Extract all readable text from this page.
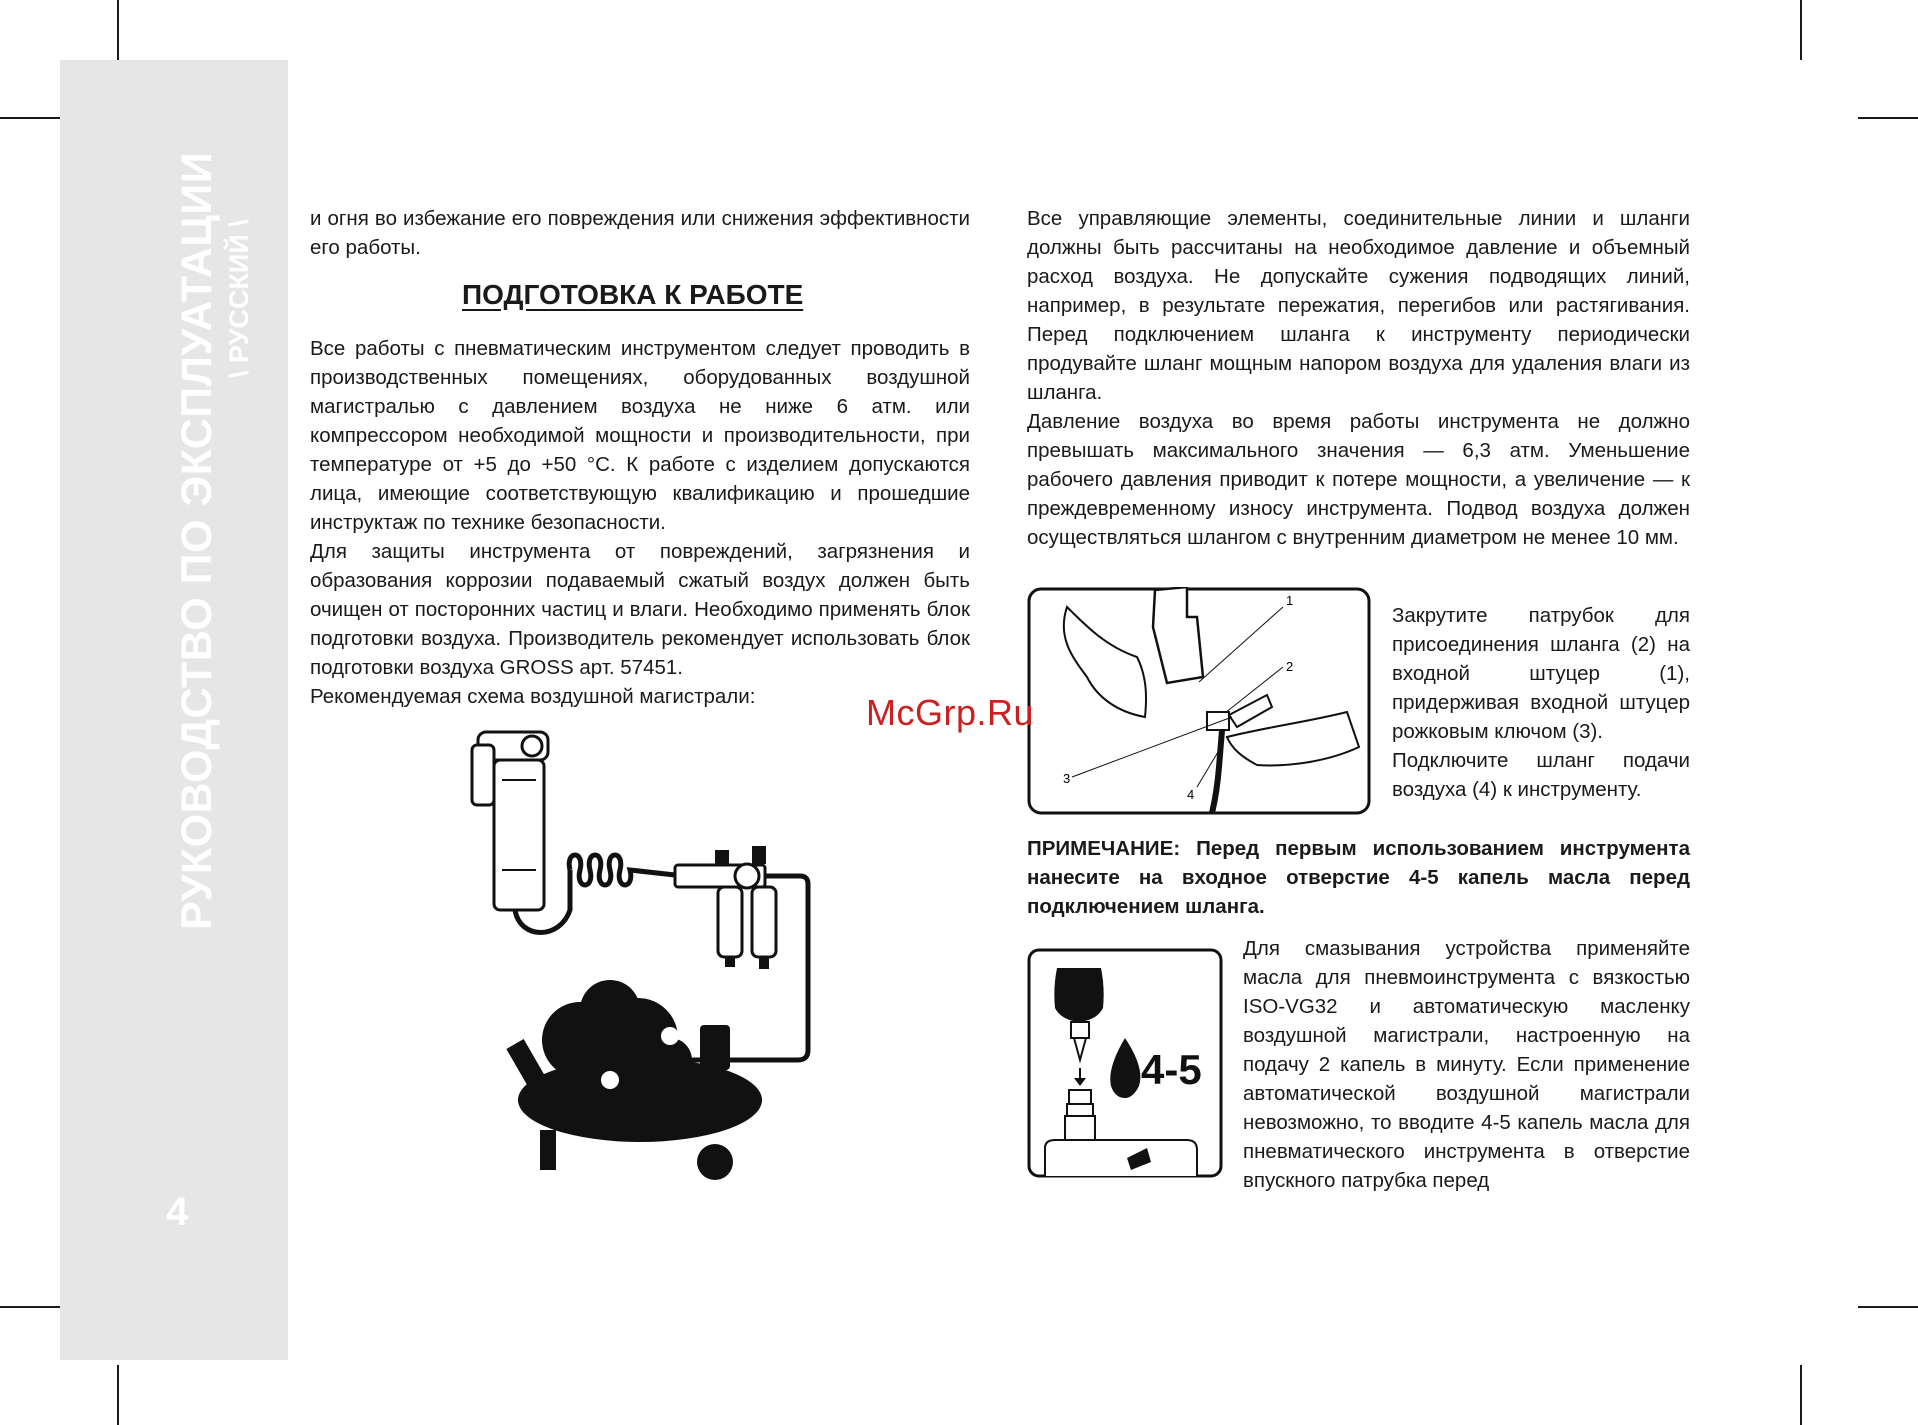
РУКОВОДСТВО ПО ЭКСПЛУАТАЦИИ \ РУССКИЙ \
4

и огня во избежание его повреждения или снижения эффективности его работы.

ПОДГОТОВКА К РАБОТЕ

Все работы с пневматическим инструментом следует проводить в производственных помещениях, оборудованных воздушной магистралью с давлением воздуха не ниже 6 атм. или компрессором необходимой мощности и производительности, при температуре от +5 до +50 °С. К работе с изделием допускаются лица, имеющие соответствующую квалификацию и прошедшие инструктаж по технике безопасности.

Для защиты инструмента от повреждений, загрязнения и образования коррозии подаваемый сжатый воздух должен быть очищен от посторонних частиц и влаги. Необходимо применять блок подготовки воздуха. Производитель рекомендует использовать блок подготовки воздуха GROSS арт. 57451.

Рекомендуемая схема воздушной магистрали:

Все управляющие элементы, соединительные линии и шланги должны быть рассчитаны на необходимое давление и объемный расход воздуха. Не допускайте сужения подводящих линий, например, в результате пережатия, перегибов или растягивания. Перед подключением шланга к инструменту периодически продувайте шланг мощным напором воздуха для удаления влаги из шланга.

Давление воздуха во время работы инструмента не должно превышать максимального значения — 6,3 атм. Уменьшение рабочего давления приводит к потере мощности, а увеличение — к преждевременному износу инструмента. Подвод воздуха должен осуществляться шлангом с внутренним диаметром не менее 10 мм.

1
2
3
4

Закрутите патрубок для присоединения шланга (2) на входной штуцер (1), придерживая входной штуцер рожковым ключом (3).

Подключите шланг подачи воздуха (4) к инструменту.

McGrp.Ru

ПРИМЕЧАНИЕ: Перед первым использованием инструмента нанесите на входное отверстие 4-5 капель масла перед подключением шланга.

4-5

Для смазывания устройства применяйте масла для пневмоинструмента с вязкостью ISO-VG32 и автоматическую масленку воздушной магистрали, настроенную на подачу 2 капель в минуту. Если применение автоматической воздушной магистрали невозможно, то вводите 4-5 капель масла для пневматического инструмента в отверстие впускного патрубка перед
